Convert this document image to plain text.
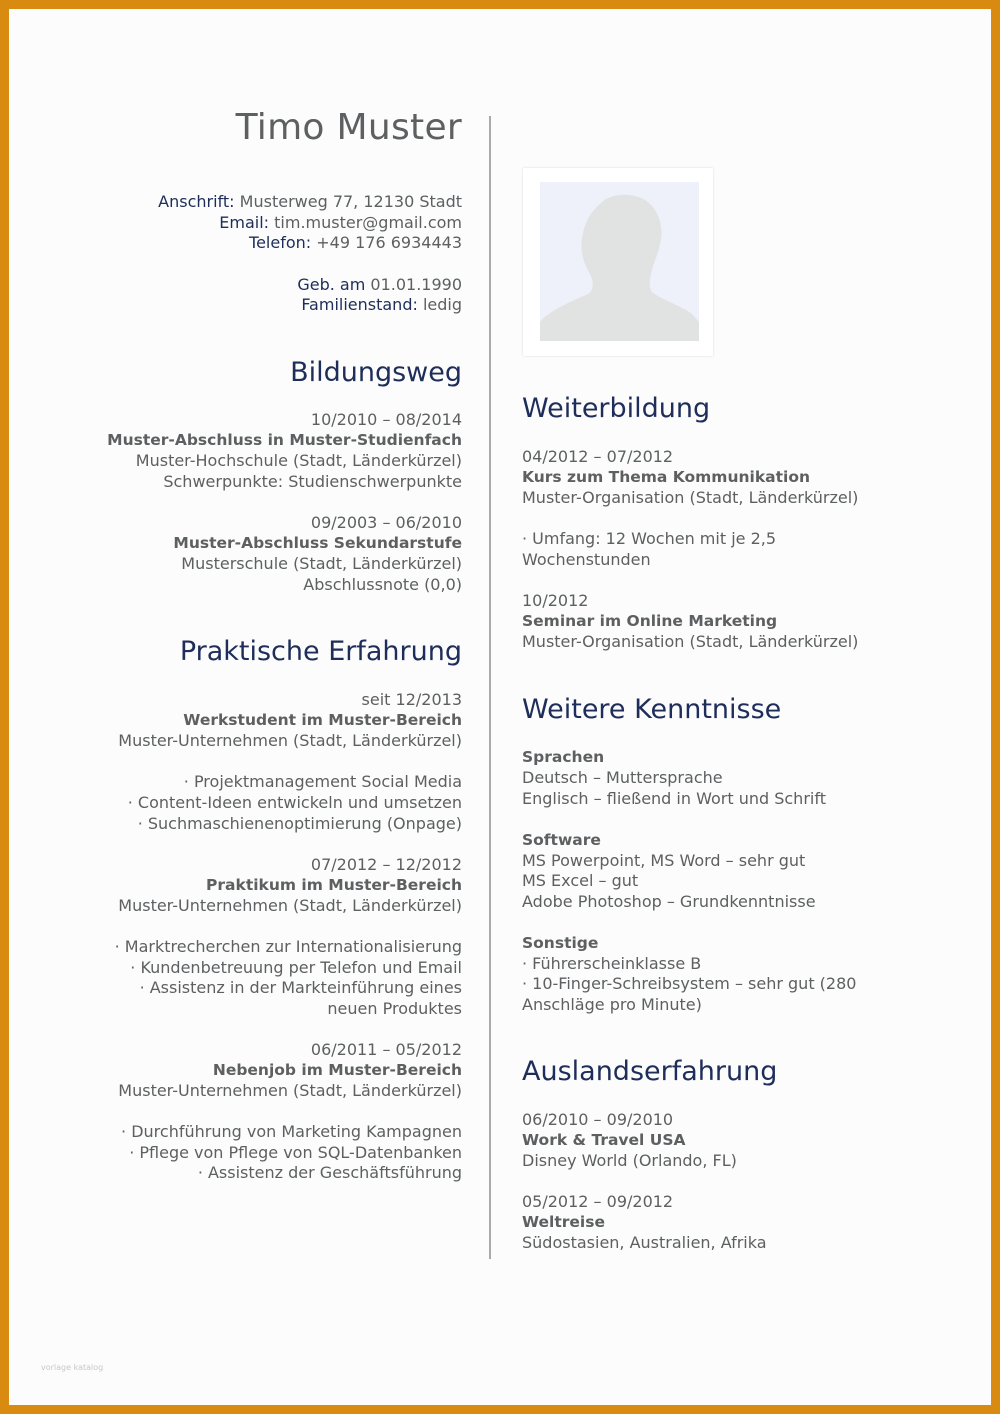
Timo Muster
Anschrift: Musterweg 77, 12130 Stadt
Email: tim.muster@gmail.com
Telefon: +49 176 6934443
Geb. am 01.01.1990
Familienstand: ledig
Bildungsweg
10/2010 – 08/2014
Muster-Abschluss in Muster-Studienfach
Muster-Hochschule (Stadt, Länderkürzel)
Schwerpunkte: Studienschwerpunkte
09/2003 – 06/2010
Muster-Abschluss Sekundarstufe
Musterschule (Stadt, Länderkürzel)
Abschlussnote (0,0)
Praktische Erfahrung
seit 12/2013
Werkstudent im Muster-Bereich
Muster-Unternehmen (Stadt, Länderkürzel)
· Projektmanagement Social Media
· Content-Ideen entwickeln und umsetzen
· Suchmaschienenoptimierung (Onpage)
07/2012 – 12/2012
Praktikum im Muster-Bereich
Muster-Unternehmen (Stadt, Länderkürzel)
· Marktrecherchen zur Internationalisierung
· Kundenbetreuung per Telefon und Email
· Assistenz in der Markteinführung eines
neuen Produktes
06/2011 – 05/2012
Nebenjob im Muster-Bereich
Muster-Unternehmen (Stadt, Länderkürzel)
· Durchführung von Marketing Kampagnen
· Pflege von Pflege von SQL-Datenbanken
· Assistenz der Geschäftsführung
Weiterbildung
04/2012 – 07/2012
Kurs zum Thema Kommunikation
Muster-Organisation (Stadt, Länderkürzel)
· Umfang: 12 Wochen mit je 2,5
Wochenstunden
10/2012
Seminar im Online Marketing
Muster-Organisation (Stadt, Länderkürzel)
Weitere Kenntnisse
Sprachen
Deutsch – Muttersprache
Englisch – fließend in Wort und Schrift
Software
MS Powerpoint, MS Word – sehr gut
MS Excel – gut
Adobe Photoshop – Grundkenntnisse
Sonstige
· Führerscheinklasse B
· 10-Finger-Schreibsystem – sehr gut (280
Anschläge pro Minute)
Auslandserfahrung
06/2010 – 09/2010
Work & Travel USA
Disney World (Orlando, FL)
05/2012 – 09/2012
Weltreise
Südostasien, Australien, Afrika
vorlage katalog
